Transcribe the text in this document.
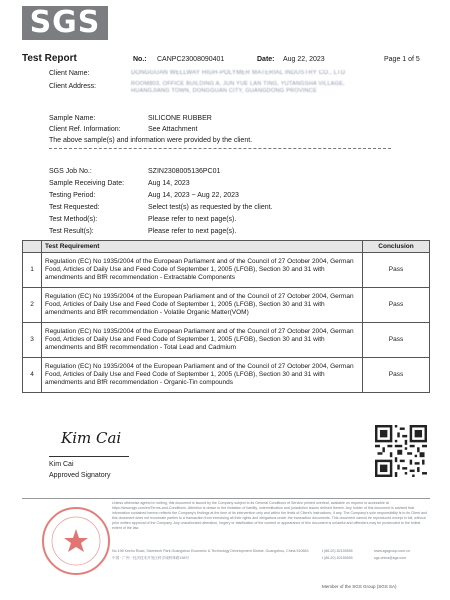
SGS
Test Report	No.: CANPC23008090401	Date: Aug 22, 2023	Page 1 of 5
Client Name:	DONGGUAN WELLWAY HIGH-POLYMER MATERIAL INDUSTRY CO., LTD
Client Address:	ROOM803, OFFICE BUILDING A, JUN YUE LAN TING, YUTANGSHA VILLAGE,
HUANGJIANG TOWN, DONGGUAN CITY, GUANGDONG PROVINCE
Sample Name:	SILICONE RUBBER
Client Ref. Information:	See Attachment
The above sample(s) and information were provided by the client.
SGS Job No.:	SZIN2308005136PC01
Sample Receiving Date:	Aug 14, 2023
Testing Period:	Aug 14, 2023 ~ Aug 22, 2023
Test Requested:	Select test(s) as requested by the client.
Test Method(s):	Please refer to next page(s).
Test Result(s):	Please refer to next page(s).
	Test Requirement	Conclusion
1	Regulation (EC) No 1935/2004 of the European Parliament and of the Council of 27 October 2004, German Food, Articles of Daily Use and Feed Code of September 1, 2005 (LFGB), Section 30 and 31 with amendments and BfR recommendation - Extractable Components	Pass
2	Regulation (EC) No 1935/2004 of the European Parliament and of the Council of 27 October 2004, German Food, Articles of Daily Use and Feed Code of September 1, 2005 (LFGB), Section 30 and 31 with amendments and BfR recommendation - Volatile Organic Matter(VOM)	Pass
3	Regulation (EC) No 1935/2004 of the European Parliament and of the Council of 27 October 2004, German Food, Articles of Daily Use and Feed Code of September 1, 2005 (LFGB), Section 30 and 31 with amendments and BfR recommendation - Total Lead and Cadmium	Pass
4	Regulation (EC) No 1935/2004 of the European Parliament and of the Council of 27 October 2004, German Food, Articles of Daily Use and Feed Code of September 1, 2005 (LFGB), Section 30 and 31 with amendments and BfR recommendation - Organic-Tin compounds	Pass
Kim Cai
Kim Cai
Approved Signatory
Unless otherwise agreed in writing, this document is issued by the Company subject to its General Conditions of Service printed overleaf, available on request or accessible at https://www.sgs.com/en/Terms-and-Conditions. Attention is drawn to the limitation of liability, indemnification and jurisdiction issues defined therein. Any holder of this document is advised that information contained hereon reflects the Company's findings at the time of its intervention only and within the limits of Client's instructions, if any. The Company's sole responsibility is to its Client and this document does not exonerate parties to a transaction from exercising all their rights and obligations under the transaction documents. This document cannot be reproduced except in full, without prior written approval of the Company. Any unauthorized alteration, forgery or falsification of the content or appearance of this document is unlawful and offenders may be prosecuted to the fullest extent of the law.
No.198 Kezhu Road, Scientech Park Guangzhou Economic & Technology Development District, Guangzhou, China 510663
中国 · 广州 · 经济技术开发区科学城科珠路198号
t (86-20) 82155555
t (86-20) 82155555
www.sgsgroup.com.cn
sgs.china@sgs.com
Member of the SGS Group (SGS SA)
